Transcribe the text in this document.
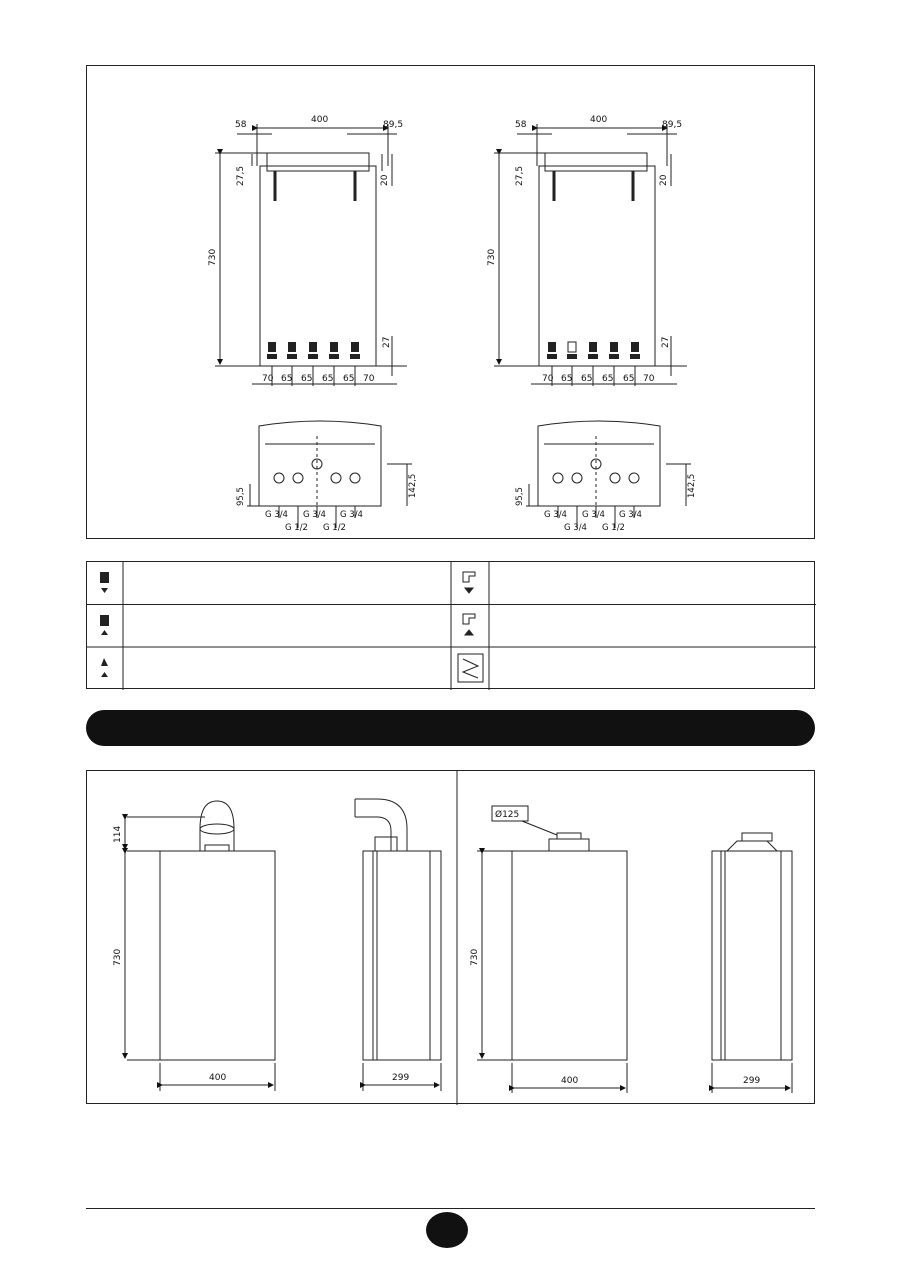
58	400	89,5
730
27,5	20
27
70 65 65 65 65 70
58	400	89,5
730
27,5	20
27
70 65 65 65 65 70
95,5	142,5
G 3/4 G 3/4 G 3/4
G 1/2 G 1/2
95,5	142,5
G 3/4 G 3/4 G 3/4
G 3/4 G 1/2
114
730
400	299
Ø125
730
400	299
